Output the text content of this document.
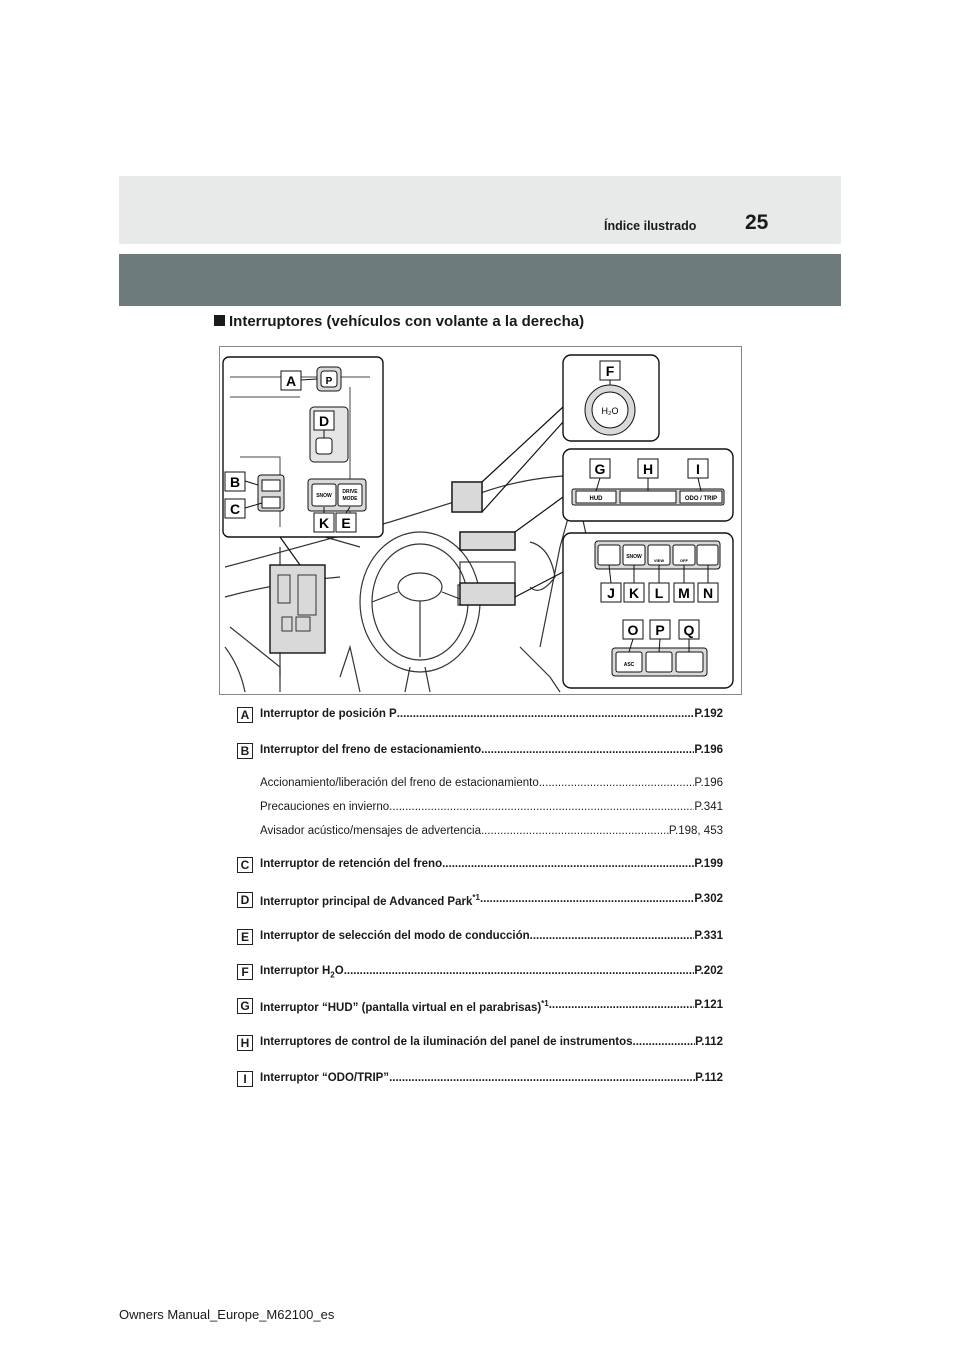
Índice ilustrado 25
Interruptores (vehículos con volante a la derecha)
P
SNOW
DRIVE
MODE
H₂O
HUD	ODO / TRIP
SNOW
VIEW	OFF
ASC
A
B
C
D
K E
F
G	H	I
J K L M N
O P Q
A Interruptor de posición P .....	P.192
B Interruptor del freno de estacionamiento .....	P.196
Accionamiento/liberación del freno de estacionamiento .....	P.196
Precauciones en invierno .....	P.341
Avisador acústico/mensajes de advertencia .....	P.198, 453
C Interruptor de retención del freno .....	P.199
D Interruptor principal de Advanced Park$^{*1}$ .....	P.302
E Interruptor de selección del modo de conducción .....	P.331
F Interruptor $H_2O$ .....	P.202
G Interruptor “HUD” (pantalla virtual en el parabrisas)$^{*1}$ .....	P.121
H Interruptores de control de la iluminación del panel de instrumentos .....	P.112
I	Interruptor “ODO/TRIP” .....	P.112
Owners Manual_Europe_M62100_es
